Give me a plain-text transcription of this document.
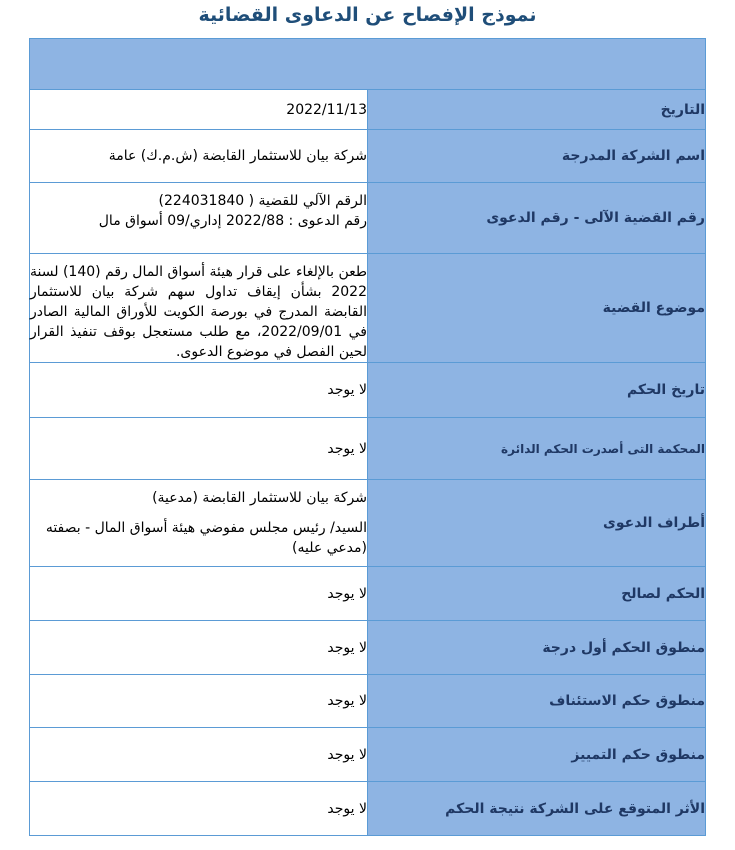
نموذج الإفصاح عن الدعاوى القضائية

التاريخ	2022/11/13
اسم الشركة المدرجة	شركة بيان للاستثمار القابضة (ش.م.ك) عامة
رقم القضية الآلى - رقم الدعوى	الرقم الآلي للقضية ( 224031840)
رقم الدعوى : 2022/88 إداري/09 أسواق مال

موضوع القضية	طعن بالإلغاء على قرار هيئة أسواق المال رقم (140) لسنة 2022 بشأن إيقاف تداول سهم شركة بيان للاستثمار القابضة المدرج في بورصة الكويت للأوراق المالية الصادر في 2022/09/01، مع طلب مستعجل بوقف تنفيذ القرار لحين الفصل في موضوع الدعوى.
تاريخ الحكم	لا يوجد
المحكمة التى أصدرت الحكم الدائرة	لا يوجد
أطراف الدعوى	شركة بيان للاستثمار القابضة (مدعية)
السيد/ رئيس مجلس مفوضي هيئة أسواق المال - بصفته (مدعي عليه)

الحكم لصالح	لا يوجد
منطوق الحكم أول درجة	لا يوجد
منطوق حكم الاستئناف	لا يوجد
منطوق حكم التمييز	لا يوجد
الأثر المتوقع على الشركة نتيجة الحكم	لا يوجد
